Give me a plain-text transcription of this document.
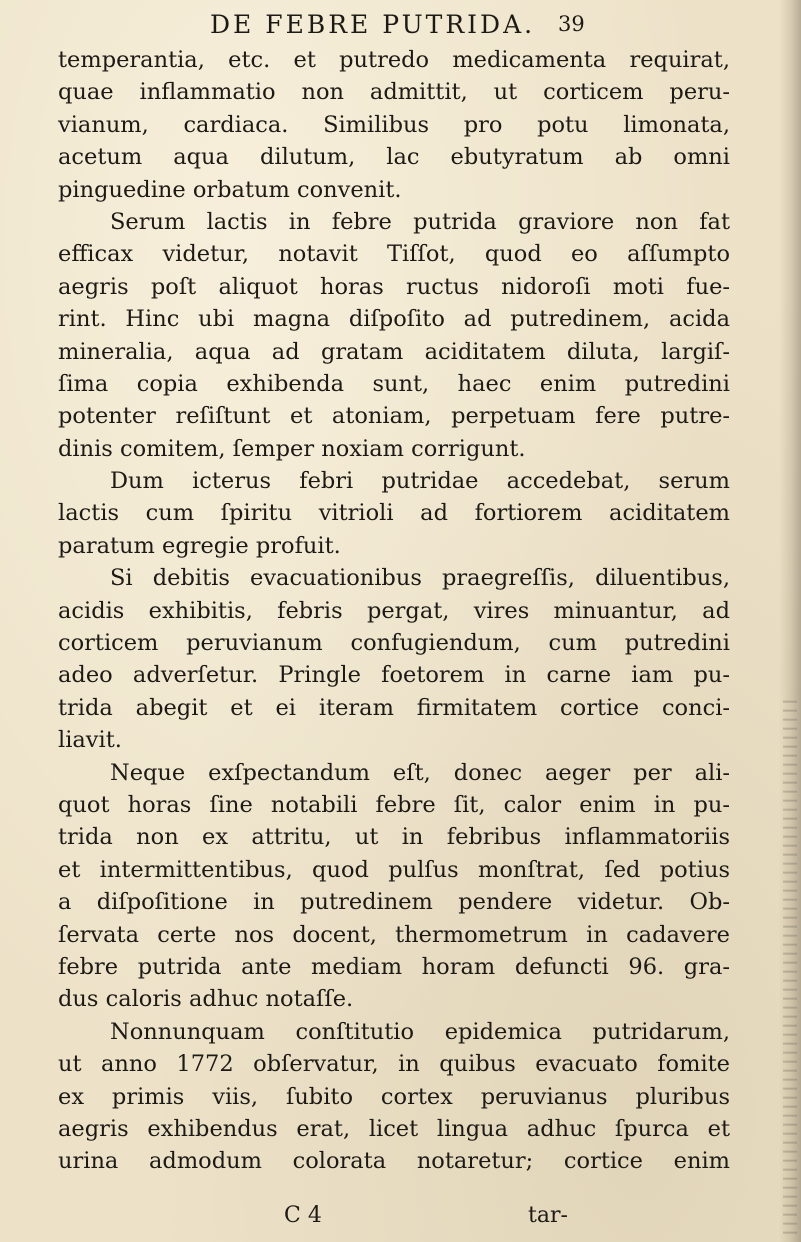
DE FEBRE PUTRIDA. 39
temperantia, etc. et putredo medicamenta requirat,
quae inflammatio non admittit, ut corticem peru-
vianum, cardiaca. Similibus pro potu limonata,
acetum aqua dilutum, lac ebutyratum ab omni
pinguedine orbatum convenit.
Serum lactis in febre putrida graviore non fat
efficax videtur, notavit Tiſſot, quod eo aſſumpto
aegris poſt aliquot horas ructus nidoroſi moti fue-
rint. Hinc ubi magna diſpoſito ad putredinem, acida
mineralia, aqua ad gratam aciditatem diluta, largiſ-
ſima copia exhibenda sunt, haec enim putredini
potenter reſiſtunt et atoniam, perpetuam fere putre-
dinis comitem, ſemper noxiam corrigunt.
Dum icterus febri putridae accedebat, serum
lactis cum ſpiritu vitrioli ad fortiorem aciditatem
paratum egregie profuit.
Si debitis evacuationibus praegreſſis, diluentibus,
acidis exhibitis, febris pergat, vires minuantur, ad
corticem peruvianum confugiendum, cum putredini
adeo adverſetur. Pringle foetorem in carne iam pu-
trida abegit et ei iteram firmitatem cortice conci-
liavit.
Neque exſpectandum eſt, donec aeger per ali-
quot horas ſine notabili febre ſit, calor enim in pu-
trida non ex attritu, ut in febribus inflammatoriis
et intermittentibus, quod pulſus monſtrat, ſed potius
a diſpoſitione in putredinem pendere videtur. Ob-
ſervata certe nos docent, thermometrum in cadavere
febre putrida ante mediam horam defuncti 96. gra-
dus caloris adhuc notaſſe.
Nonnunquam conſtitutio epidemica putridarum,
ut anno 1772 obſervatur, in quibus evacuato fomite
ex primis viis, ſubito cortex peruvianus pluribus
aegris exhibendus erat, licet lingua adhuc ſpurca et
urina admodum colorata notaretur; cortice enim
C 4	tar-
